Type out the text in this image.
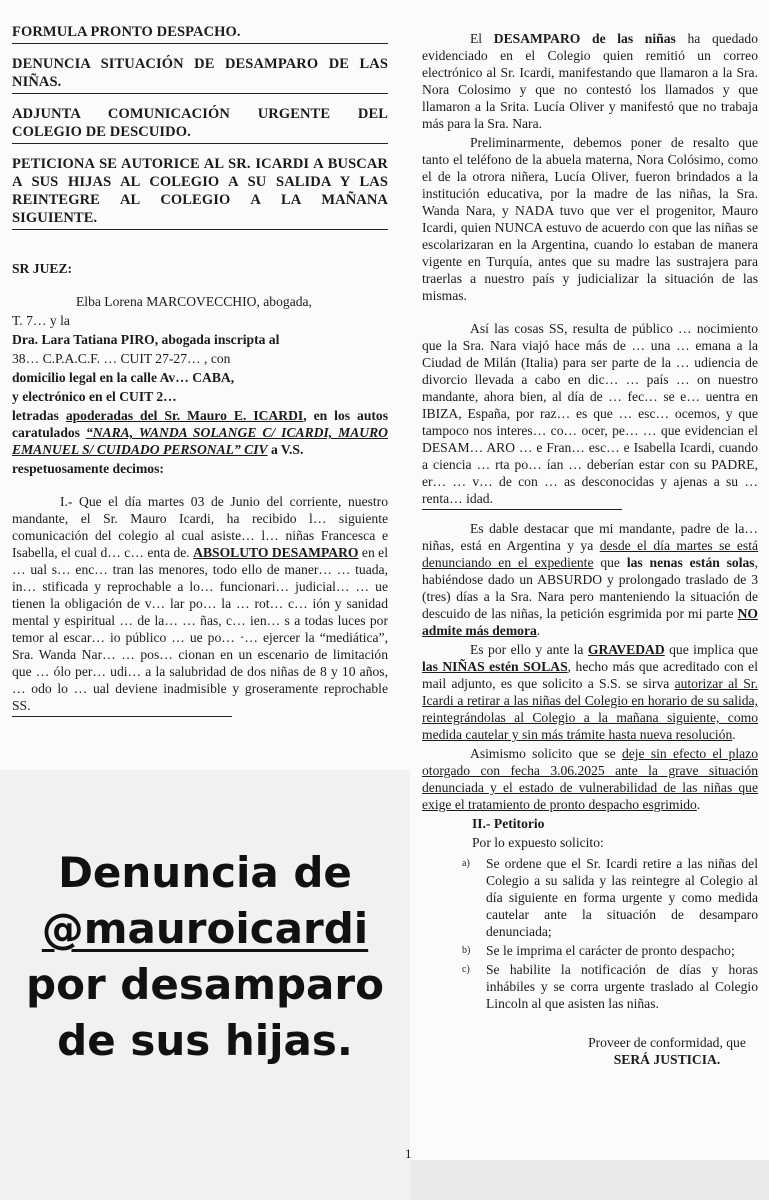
FORMULA PRONTO DESPACHO.
DENUNCIA SITUACIÓN DE DESAMPARO DE LAS NIÑAS.
ADJUNTA COMUNICACIÓN URGENTE DEL COLEGIO DE DESCUIDO.
PETICIONA SE AUTORICE AL SR. ICARDI A BUSCAR A SUS HIJAS AL COLEGIO A SU SALIDA Y LAS REINTEGRE AL COLEGIO A LA MAÑANA SIGUIENTE.
SR JUEZ:
Elba Lorena MARCOVECCHIO, abogada,
T. 7… y la
Dra. Lara Tatiana PIRO, abogada inscripta al
38… C.P.A.C.F. … CUIT 27-27… , con
domicilio legal en la calle Av… CABA,
y electrónico en el CUIT 2…
letradas apoderadas del Sr. Mauro E. ICARDI, en los autos caratulados “NARA, WANDA SOLANGE C/ ICARDI, MAURO EMANUEL S/ CUIDADO PERSONAL” CIV a V.S.
respetuosamente decimos:
I.- Que el día martes 03 de Junio del corriente, nuestro mandante, el Sr. Mauro Icardi, ha recibido l… siguiente comunicación del colegio al cual asiste… l… niñas Francesca e Isabella, el cual d… c… enta de. ABSOLUTO DESAMPARO en el … ual s… enc… tran las menores, todo ello de maner… … tuada, in… stificada y reprochable a lo… funcionari… judicial… … ue tienen la obligación de v… lar po… la … rot… c… ión y sanidad mental y espiritual … de la… … ñas, c… ien… s a todas luces por temor al escar… io público … ue po… ·… ejercer la “mediática”, Sra. Wanda Nar… … pos… cionan en un escenario de limitación que … ólo per… udi… a la salubridad de dos niñas de 8 y 10 años, … odo lo … ual deviene inadmisible y groseramente reprochable SS.
El DESAMPARO de las niñas ha quedado evidenciado en el Colegio quien remitió un correo electrónico al Sr. Icardi, manifestando que llamaron a la Sra. Nora Colosimo y que no contestó los llamados y que llamaron a la Srita. Lucía Oliver y manifestó que no trabaja más para la Sra. Nara.
Preliminarmente, debemos poner de resalto que tanto el teléfono de la abuela materna, Nora Colósimo, como el de la otrora niñera, Lucía Oliver, fueron brindados a la institución educativa, por la madre de las niñas, la Sra. Wanda Nara, y NADA tuvo que ver el progenitor, Mauro Icardi, quien NUNCA estuvo de acuerdo con que las niñas se escolarizaran en la Argentina, cuando lo estaban de manera vigente en Turquía, antes que su madre las sustrajera para traerlas a nuestro país y judicializar la situación de las mismas.
Así las cosas SS, resulta de público … nocimiento que la Sra. Nara viajó hace más de … una … emana a la Ciudad de Milán (Italia) para ser parte de la … udiencia de divorcio llevada a cabo en dic… … país … on nuestro mandante, ahora bien, al día de … fec… se e… uentra en IBIZA, España, por raz… es que … esc… ocemos, y que tampoco nos interes… co… ocer, pe… … que evidencian el DESAM… ARO … e Fran… esc… e Isabella Icardi, cuando a ciencia … rta po… ían … deberían estar con su PADRE, er… … v… de con … as desconocidas y ajenas a su … renta… idad.
Es dable destacar que mi mandante, padre de la… niñas, está en Argentina y ya desde el día martes se está denunciando en el expediente que las nenas están solas, habiéndose dado un ABSURDO y prolongado traslado de 3 (tres) días a la Sra. Nara pero manteniendo la situación de descuido de las niñas, la petición esgrimida por mi parte NO admite más demora.
Es por ello y ante la GRAVEDAD que implica que las NIÑAS estén SOLAS, hecho más que acreditado con el mail adjunto, es que solicito a S.S. se sirva autorizar al Sr. Icardi a retirar a las niñas del Colegio en horario de su salida, reintegrándolas al Colegio a la mañana siguiente, como medida cautelar y sin más trámite hasta nueva resolución.
Asimismo solicito que se deje sin efecto el plazo otorgado con fecha 3.06.2025 ante la grave situación denunciada y el estado de vulnerabilidad de las niñas que exige el tratamiento de pronto despacho esgrimido.
II.- Petitorio
Por lo expuesto solicito:
a) Se ordene que el Sr. Icardi retire a las niñas del Colegio a su salida y las reintegre al Colegio al día siguiente en forma urgente y como medida cautelar ante la situación de desamparo denunciada;
b) Se le imprima el carácter de pronto despacho;
c) Se habilite la notificación de días y horas inhábiles y se corra urgente traslado al Colegio Lincoln al que asisten las niñas.
Proveer de conformidad, que
SERÁ JUSTICIA.
1
Denuncia de
@mauroicardi
por desamparo
de sus hijas.
